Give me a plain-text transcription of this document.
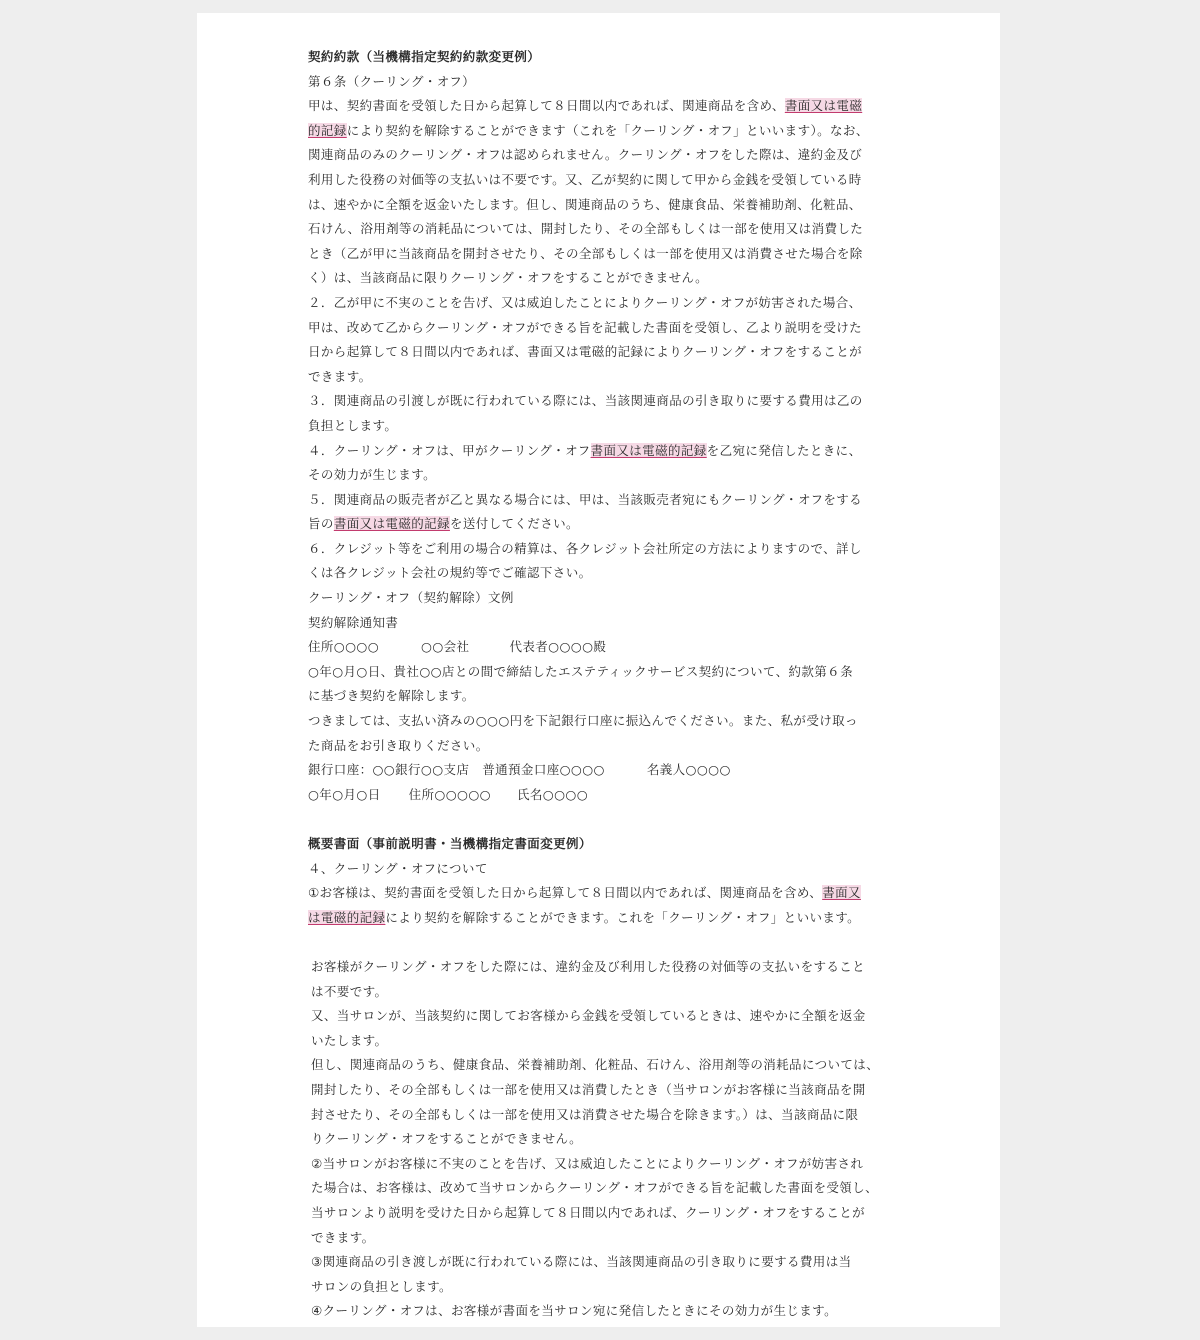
契約約款（当機構指定契約約款変更例）
第６条（クーリング・オフ）
甲は、契約書面を受領した日から起算して８日間以内であれば、関連商品を含め、書面又は電磁
的記録により契約を解除することができます（これを「クーリング・オフ」といいます）。なお、
関連商品のみのクーリング・オフは認められません。クーリング・オフをした際は、違約金及び
利用した役務の対価等の支払いは不要です。又、乙が契約に関して甲から金銭を受領している時
は、速やかに全額を返金いたします。但し、関連商品のうち、健康食品、栄養補助剤、化粧品、
石けん、浴用剤等の消耗品については、開封したり、その全部もしくは一部を使用又は消費した
とき（乙が甲に当該商品を開封させたり、その全部もしくは一部を使用又は消費させた場合を除
く）は、当該商品に限りクーリング・オフをすることができません。
２．乙が甲に不実のことを告げ、又は威迫したことによりクーリング・オフが妨害された場合、
甲は、改めて乙からクーリング・オフができる旨を記載した書面を受領し、乙より説明を受けた
日から起算して８日間以内であれば、書面又は電磁的記録によりクーリング・オフをすることが
できます。
３．関連商品の引渡しが既に行われている際には、当該関連商品の引き取りに要する費用は乙の
負担とします。
４．クーリング・オフは、甲がクーリング・オフ書面又は電磁的記録を乙宛に発信したときに、
その効力が生じます。
５．関連商品の販売者が乙と異なる場合には、甲は、当該販売者宛にもクーリング・オフをする
旨の書面又は電磁的記録を送付してください。
６．クレジット等をご利用の場合の精算は、各クレジット会社所定の方法によりますので、詳し
くは各クレジット会社の規約等でご確認下さい。
クーリング・オフ（契約解除）文例
契約解除通知書
住所○○○○	○○会社	代表者○○○○殿
○年○月○日、貴社○○店との間で締結したエステティックサービス契約について、約款第６条
に基づき契約を解除します。
つきましては、支払い済みの○○○円を下記銀行口座に振込んでください。また、私が受け取っ
た商品をお引き取りください。
銀行口座：○○銀行○○支店　普通預金口座○○○○	名義人○○○○
○年○月○日 住所○○○○○ 氏名○○○○
概要書面（事前説明書・当機構指定書面変更例）
４、クーリング・オフについて
①お客様は、契約書面を受領した日から起算して８日間以内であれば、関連商品を含め、書面又
は電磁的記録により契約を解除することができます。これを「クーリング・オフ」といいます。
お客様がクーリング・オフをした際には、違約金及び利用した役務の対価等の支払いをすること
は不要です。
又、当サロンが、当該契約に関してお客様から金銭を受領しているときは、速やかに全額を返金
いたします。
但し、関連商品のうち、健康食品、栄養補助剤、化粧品、石けん、浴用剤等の消耗品については、
開封したり、その全部もしくは一部を使用又は消費したとき（当サロンがお客様に当該商品を開
封させたり、その全部もしくは一部を使用又は消費させた場合を除きます。）は、当該商品に限
りクーリング・オフをすることができません。
②当サロンがお客様に不実のことを告げ、又は威迫したことによりクーリング・オフが妨害され
た場合は、お客様は、改めて当サロンからクーリング・オフができる旨を記載した書面を受領し、
当サロンより説明を受けた日から起算して８日間以内であれば、クーリング・オフをすることが
できます。
③関連商品の引き渡しが既に行われている際には、当該関連商品の引き取りに要する費用は当
サロンの負担とします。
④クーリング・オフは、お客様が書面を当サロン宛に発信したときにその効力が生じます。
